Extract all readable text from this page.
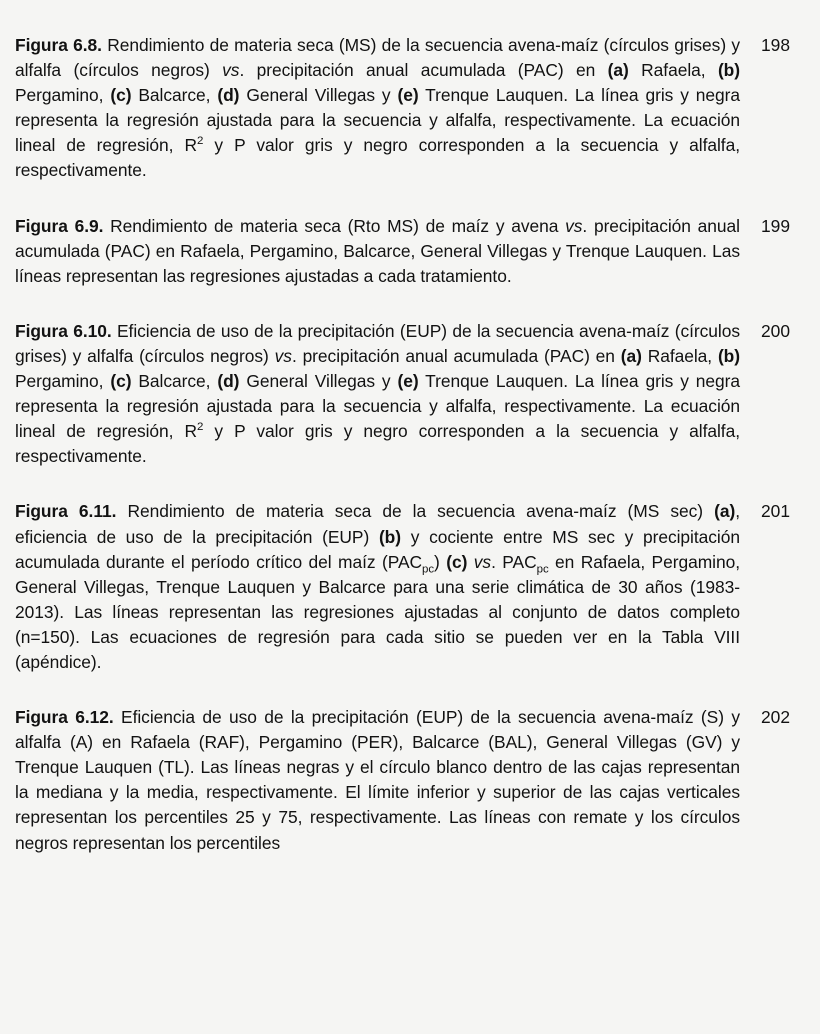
Figura 6.8. Rendimiento de materia seca (MS) de la secuencia avena-maíz (círculos grises) y alfalfa (círculos negros) vs. precipitación anual acumulada (PAC) en (a) Rafaela, (b) Pergamino, (c) Balcarce, (d) General Villegas y (e) Trenque Lauquen. La línea gris y negra representa la regresión ajustada para la secuencia y alfalfa, respectivamente. La ecuación lineal de regresión, $R^2$ y P valor gris y negro corresponden a la secuencia y alfalfa, respectivamente.

198

Figura 6.9. Rendimiento de materia seca (Rto MS) de maíz y avena vs. precipitación anual acumulada (PAC) en Rafaela, Pergamino, Balcarce, General Villegas y Trenque Lauquen. Las líneas representan las regresiones ajustadas a cada tratamiento.

199

Figura 6.10. Eficiencia de uso de la precipitación (EUP) de la secuencia avena-maíz (círculos grises) y alfalfa (círculos negros) vs. precipitación anual acumulada (PAC) en (a) Rafaela, (b) Pergamino, (c) Balcarce, (d) General Villegas y (e) Trenque Lauquen. La línea gris y negra representa la regresión ajustada para la secuencia y alfalfa, respectivamente. La ecuación lineal de regresión, $R^2$ y P valor gris y negro corresponden a la secuencia y alfalfa, respectivamente.

200

Figura 6.11. Rendimiento de materia seca de la secuencia avena-maíz (MS sec) (a), eficiencia de uso de la precipitación (EUP) (b) y cociente entre MS sec y precipitación acumulada durante el período crítico del maíz $(PAC_{pc})$ (c) vs. $PAC_{pc}$ en Rafaela, Pergamino, General Villegas, Trenque Lauquen y Balcarce para una serie climática de 30 años (1983-2013). Las líneas representan las regresiones ajustadas al conjunto de datos completo (n=150). Las ecuaciones de regresión para cada sitio se pueden ver en la Tabla VIII (apéndice).

201

Figura 6.12. Eficiencia de uso de la precipitación (EUP) de la secuencia avena-maíz (S) y alfalfa (A) en Rafaela (RAF), Pergamino (PER), Balcarce (BAL), General Villegas (GV) y Trenque Lauquen (TL). Las líneas negras y el círculo blanco dentro de las cajas representan la mediana y la media, respectivamente. El límite inferior y superior de las cajas verticales representan los percentiles 25 y 75, respectivamente. Las líneas con remate y los círculos negros representan los percentiles

202
